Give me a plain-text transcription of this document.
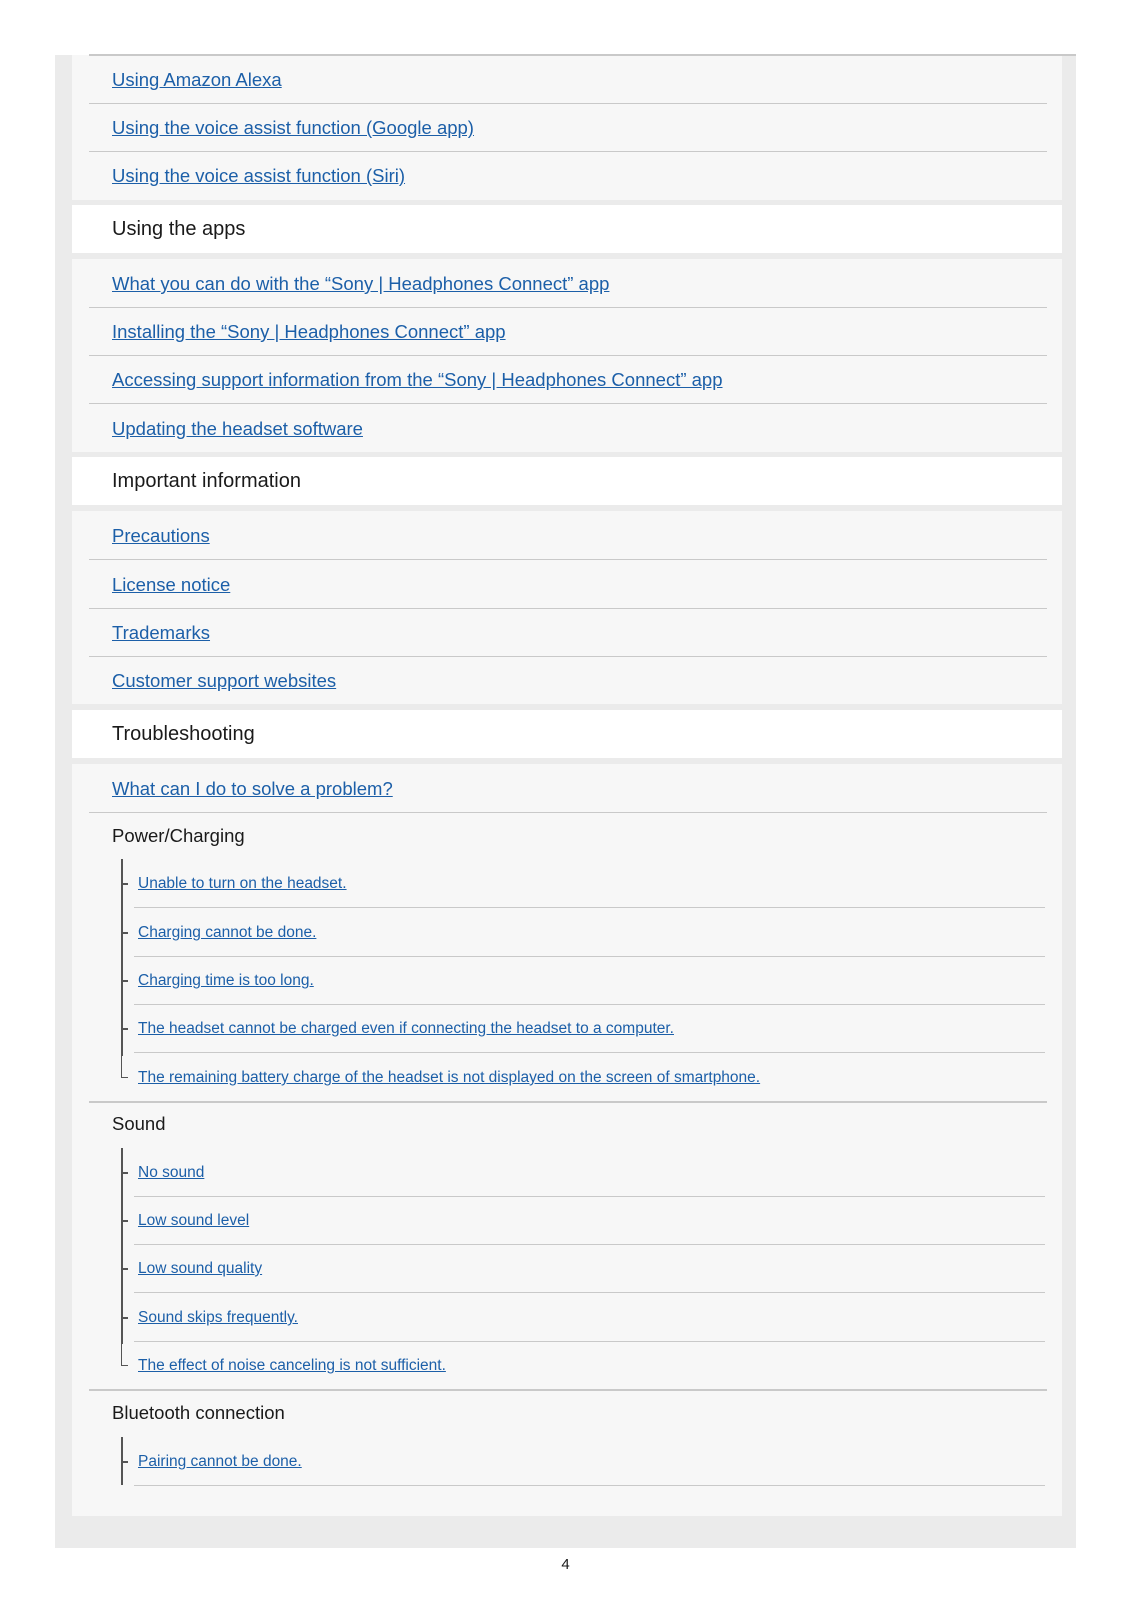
Using Amazon Alexa
Using the voice assist function (Google app)
Using the voice assist function (Siri)
Using the apps
What you can do with the “Sony | Headphones Connect” app
Installing the “Sony | Headphones Connect” app
Accessing support information from the “Sony | Headphones Connect” app
Updating the headset software
Important information
Precautions
License notice
Trademarks
Customer support websites
Troubleshooting
What can I do to solve a problem?
Power/Charging
Unable to turn on the headset.
Charging cannot be done.
Charging time is too long.
The headset cannot be charged even if connecting the headset to a computer.
The remaining battery charge of the headset is not displayed on the screen of smartphone.
Sound
No sound
Low sound level
Low sound quality
Sound skips frequently.
The effect of noise canceling is not sufficient.
Bluetooth connection
Pairing cannot be done.
4
